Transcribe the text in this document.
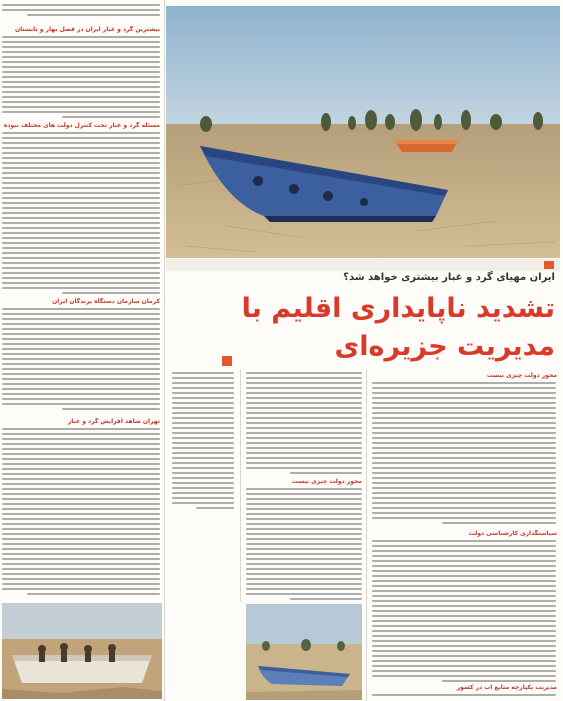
بیشترین گرد و غبار ایران در فصل بهار و تابستان
مسئله گرد و غبار تحت کنترل دولت های مختلف نبوده
کرمان سازمان دستگاه پرندگان ایران
تهران شاهد افزایش گرد و غبار
ایران مهیای گرد و غبار بیشتری خواهد شد؟
تشدید ناپایداری اقلیم با مدیریت جزیره‌ای
محور دولت چیزی نیست
محور دولت چیزی نیست
سیاستگذاری کارشناسی دولت
مدیریت یکپارچه منابع آب در کشور
